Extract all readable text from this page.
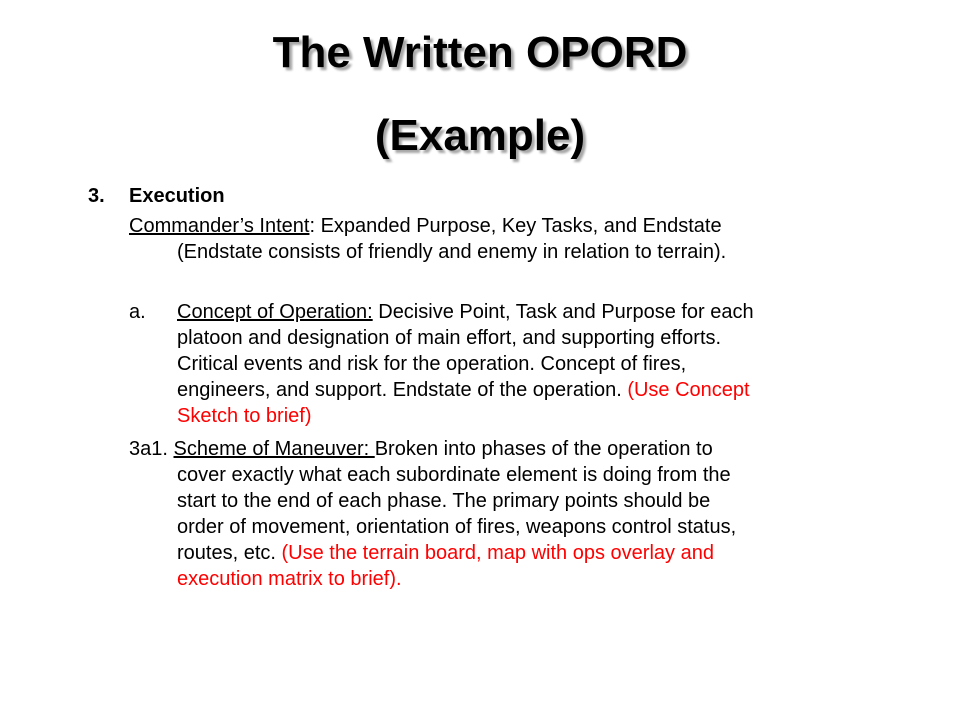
The Written OPORD
(Example)
3. Execution
Commander’s Intent: Expanded Purpose, Key Tasks, and Endstate
(Endstate consists of friendly and enemy in relation to terrain).
a. Concept of Operation: Decisive Point, Task and Purpose for each
platoon and designation of main effort, and supporting efforts.
Critical events and risk for the operation. Concept of fires,
engineers, and support. Endstate of the operation. (Use Concept
Sketch to brief)
3a1. Scheme of Maneuver: Broken into phases of the operation to
cover exactly what each subordinate element is doing from the
start to the end of each phase. The primary points should be
order of movement, orientation of fires, weapons control status,
routes, etc. (Use the terrain board, map with ops overlay and
execution matrix to brief).
